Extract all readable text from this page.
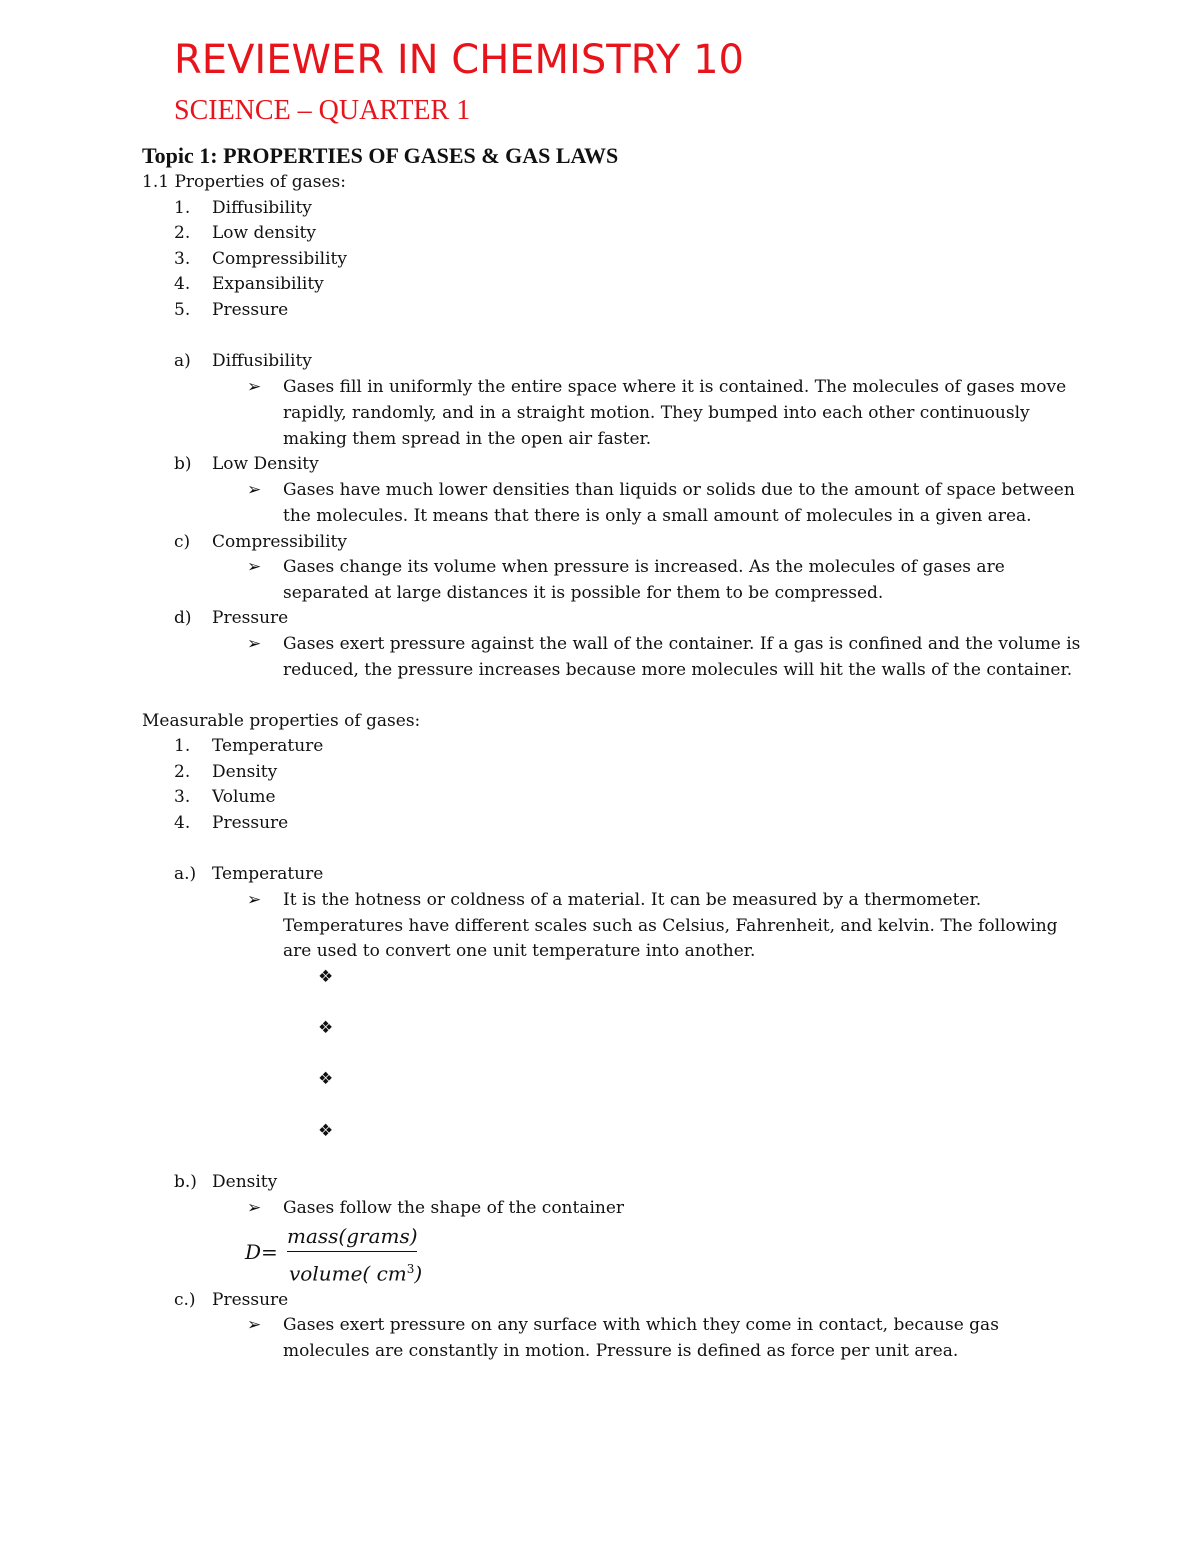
REVIEWER IN CHEMISTRY 10
SCIENCE – QUARTER 1
Topic 1: PROPERTIES OF GASES & GAS LAWS
1.1 Properties of gases:
1. Diffusibility
2. Low density
3. Compressibility
4. Expansibility
5. Pressure
a) Diffusibility
➢ Gases fill in uniformly the entire space where it is contained. The molecules of gases move
rapidly, randomly, and in a straight motion. They bumped into each other continuously
making them spread in the open air faster.
b) Low Density
➢ Gases have much lower densities than liquids or solids due to the amount of space between
the molecules. It means that there is only a small amount of molecules in a given area.
c) Compressibility
➢ Gases change its volume when pressure is increased. As the molecules of gases are
separated at large distances it is possible for them to be compressed.
d) Pressure
➢ Gases exert pressure against the wall of the container. If a gas is confined and the volume is
reduced, the pressure increases because more molecules will hit the walls of the container.
Measurable properties of gases:
1. Temperature
2. Density
3. Volume
4. Pressure
a.) Temperature
➢ It is the hotness or coldness of a material. It can be measured by a thermometer.
Temperatures have different scales such as Celsius, Fahrenheit, and kelvin. The following
are used to convert one unit temperature into another.
❖
❖
❖
❖
b.) Density
➢ Gases follow the shape of the container
D=
mass(grams)
volume( $cm^3$)
c.) Pressure
➢ Gases exert pressure on any surface with which they come in contact, because gas
molecules are constantly in motion. Pressure is defined as force per unit area.
